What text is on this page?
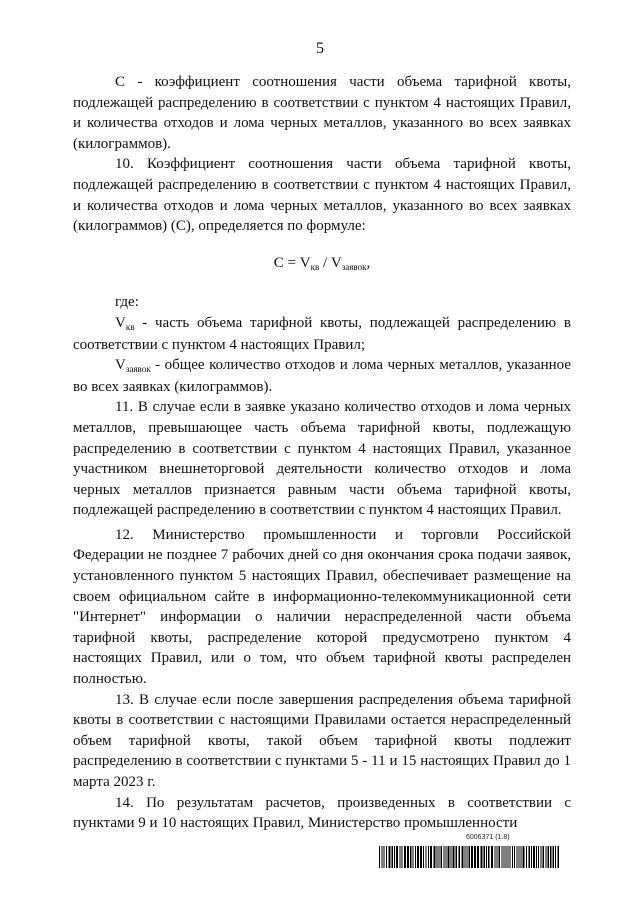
5

С - коэффициент соотношения части объема тарифной квоты, подлежащей распределению в соответствии с пунктом 4 настоящих Правил, и количества отходов и лома черных металлов, указанного во всех заявках (килограммов).

10. Коэффициент соотношения части объема тарифной квоты, подлежащей распределению в соответствии с пунктом 4 настоящих Правил, и количества отходов и лома черных металлов, указанного во всех заявках (килограммов) (С), определяется по формуле:

$С = V_{кв} / V_{заявок}$,

где:

$V_{кв}$ - часть объема тарифной квоты, подлежащей распределению в соответствии с пунктом 4 настоящих Правил;

$V_{заявок}$ - общее количество отходов и лома черных металлов, указанное во всех заявках (килограммов).

11. В случае если в заявке указано количество отходов и лома черных металлов, превышающее часть объема тарифной квоты, подлежащую распределению в соответствии с пунктом 4 настоящих Правил, указанное участником внешнеторговой деятельности количество отходов и лома черных металлов признается равным части объема тарифной квоты, подлежащей распределению в соответствии с пунктом 4 настоящих Правил.

12. Министерство промышленности и торговли Российской Федерации не позднее 7 рабочих дней со дня окончания срока подачи заявок, установленного пунктом 5 настоящих Правил, обеспечивает размещение на своем официальном сайте в информационно-телекоммуникационной сети "Интернет" информации о наличии нераспределенной части объема тарифной квоты, распределение которой предусмотрено пунктом 4 настоящих Правил, или о том, что объем тарифной квоты распределен полностью.

13. В случае если после завершения распределения объема тарифной квоты в соответствии с настоящими Правилами остается нераспределенный объем тарифной квоты, такой объем тарифной квоты подлежит распределению в соответствии с пунктами 5 - 11 и 15 настоящих Правил до 1 марта 2023 г.

14. По результатам расчетов, произведенных в соответствии с пунктами 9 и 10 настоящих Правил, Министерство промышленности

6006371 (1.8)
